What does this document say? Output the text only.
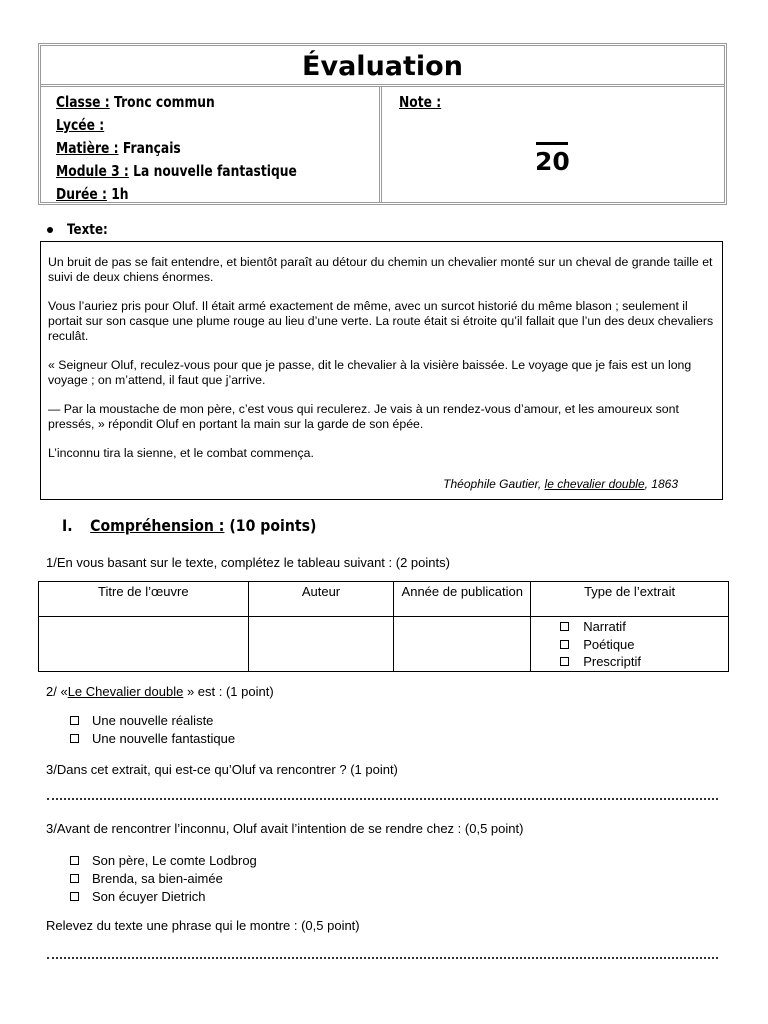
Évaluation
Classe : Tronc commun
Lycée :
Matière : Français
Module 3 : La nouvelle fantastique
Durée : 1h
Note :
20
Texte:

Un bruit de pas se fait entendre, et bientôt paraît au détour du chemin un chevalier monté sur un cheval de grande taille et suivi de deux chiens énormes.

Vous l’auriez pris pour Oluf. Il était armé exactement de même, avec un surcot historié du même blason ; seulement il portait sur son casque une plume rouge au lieu d’une verte. La route était si étroite qu’il fallait que l’un des deux chevaliers reculât.

« Seigneur Oluf, reculez-vous pour que je passe, dit le chevalier à la visière baissée. Le voyage que je fais est un long voyage ; on m’attend, il faut que j’arrive.

— Par la moustache de mon père, c’est vous qui reculerez. Je vais à un rendez-vous d’amour, et les amoureux sont pressés, » répondit Oluf en portant la main sur la garde de son épée.

L’inconnu tira la sienne, et le combat commença.

Théophile Gautier, le chevalier double, 1863
I. Compréhension : (10 points)
1/En vous basant sur le texte, complétez le tableau suivant : (2 points)
Titre de l’œuvre	Auteur	Année de publication	Type de l’extrait

			Narratif
Poétique
Prescriptif
2/ «Le Chevalier double » est : (1 point)
Une nouvelle réaliste
Une nouvelle fantastique
3/Dans cet extrait, qui est-ce qu’Oluf va rencontrer ? (1 point)
3/Avant de rencontrer l’inconnu, Oluf avait l’intention de se rendre chez : (0,5 point)
Son père, Le comte Lodbrog
Brenda, sa bien-aimée
Son écuyer Dietrich
Relevez du texte une phrase qui le montre : (0,5 point)
